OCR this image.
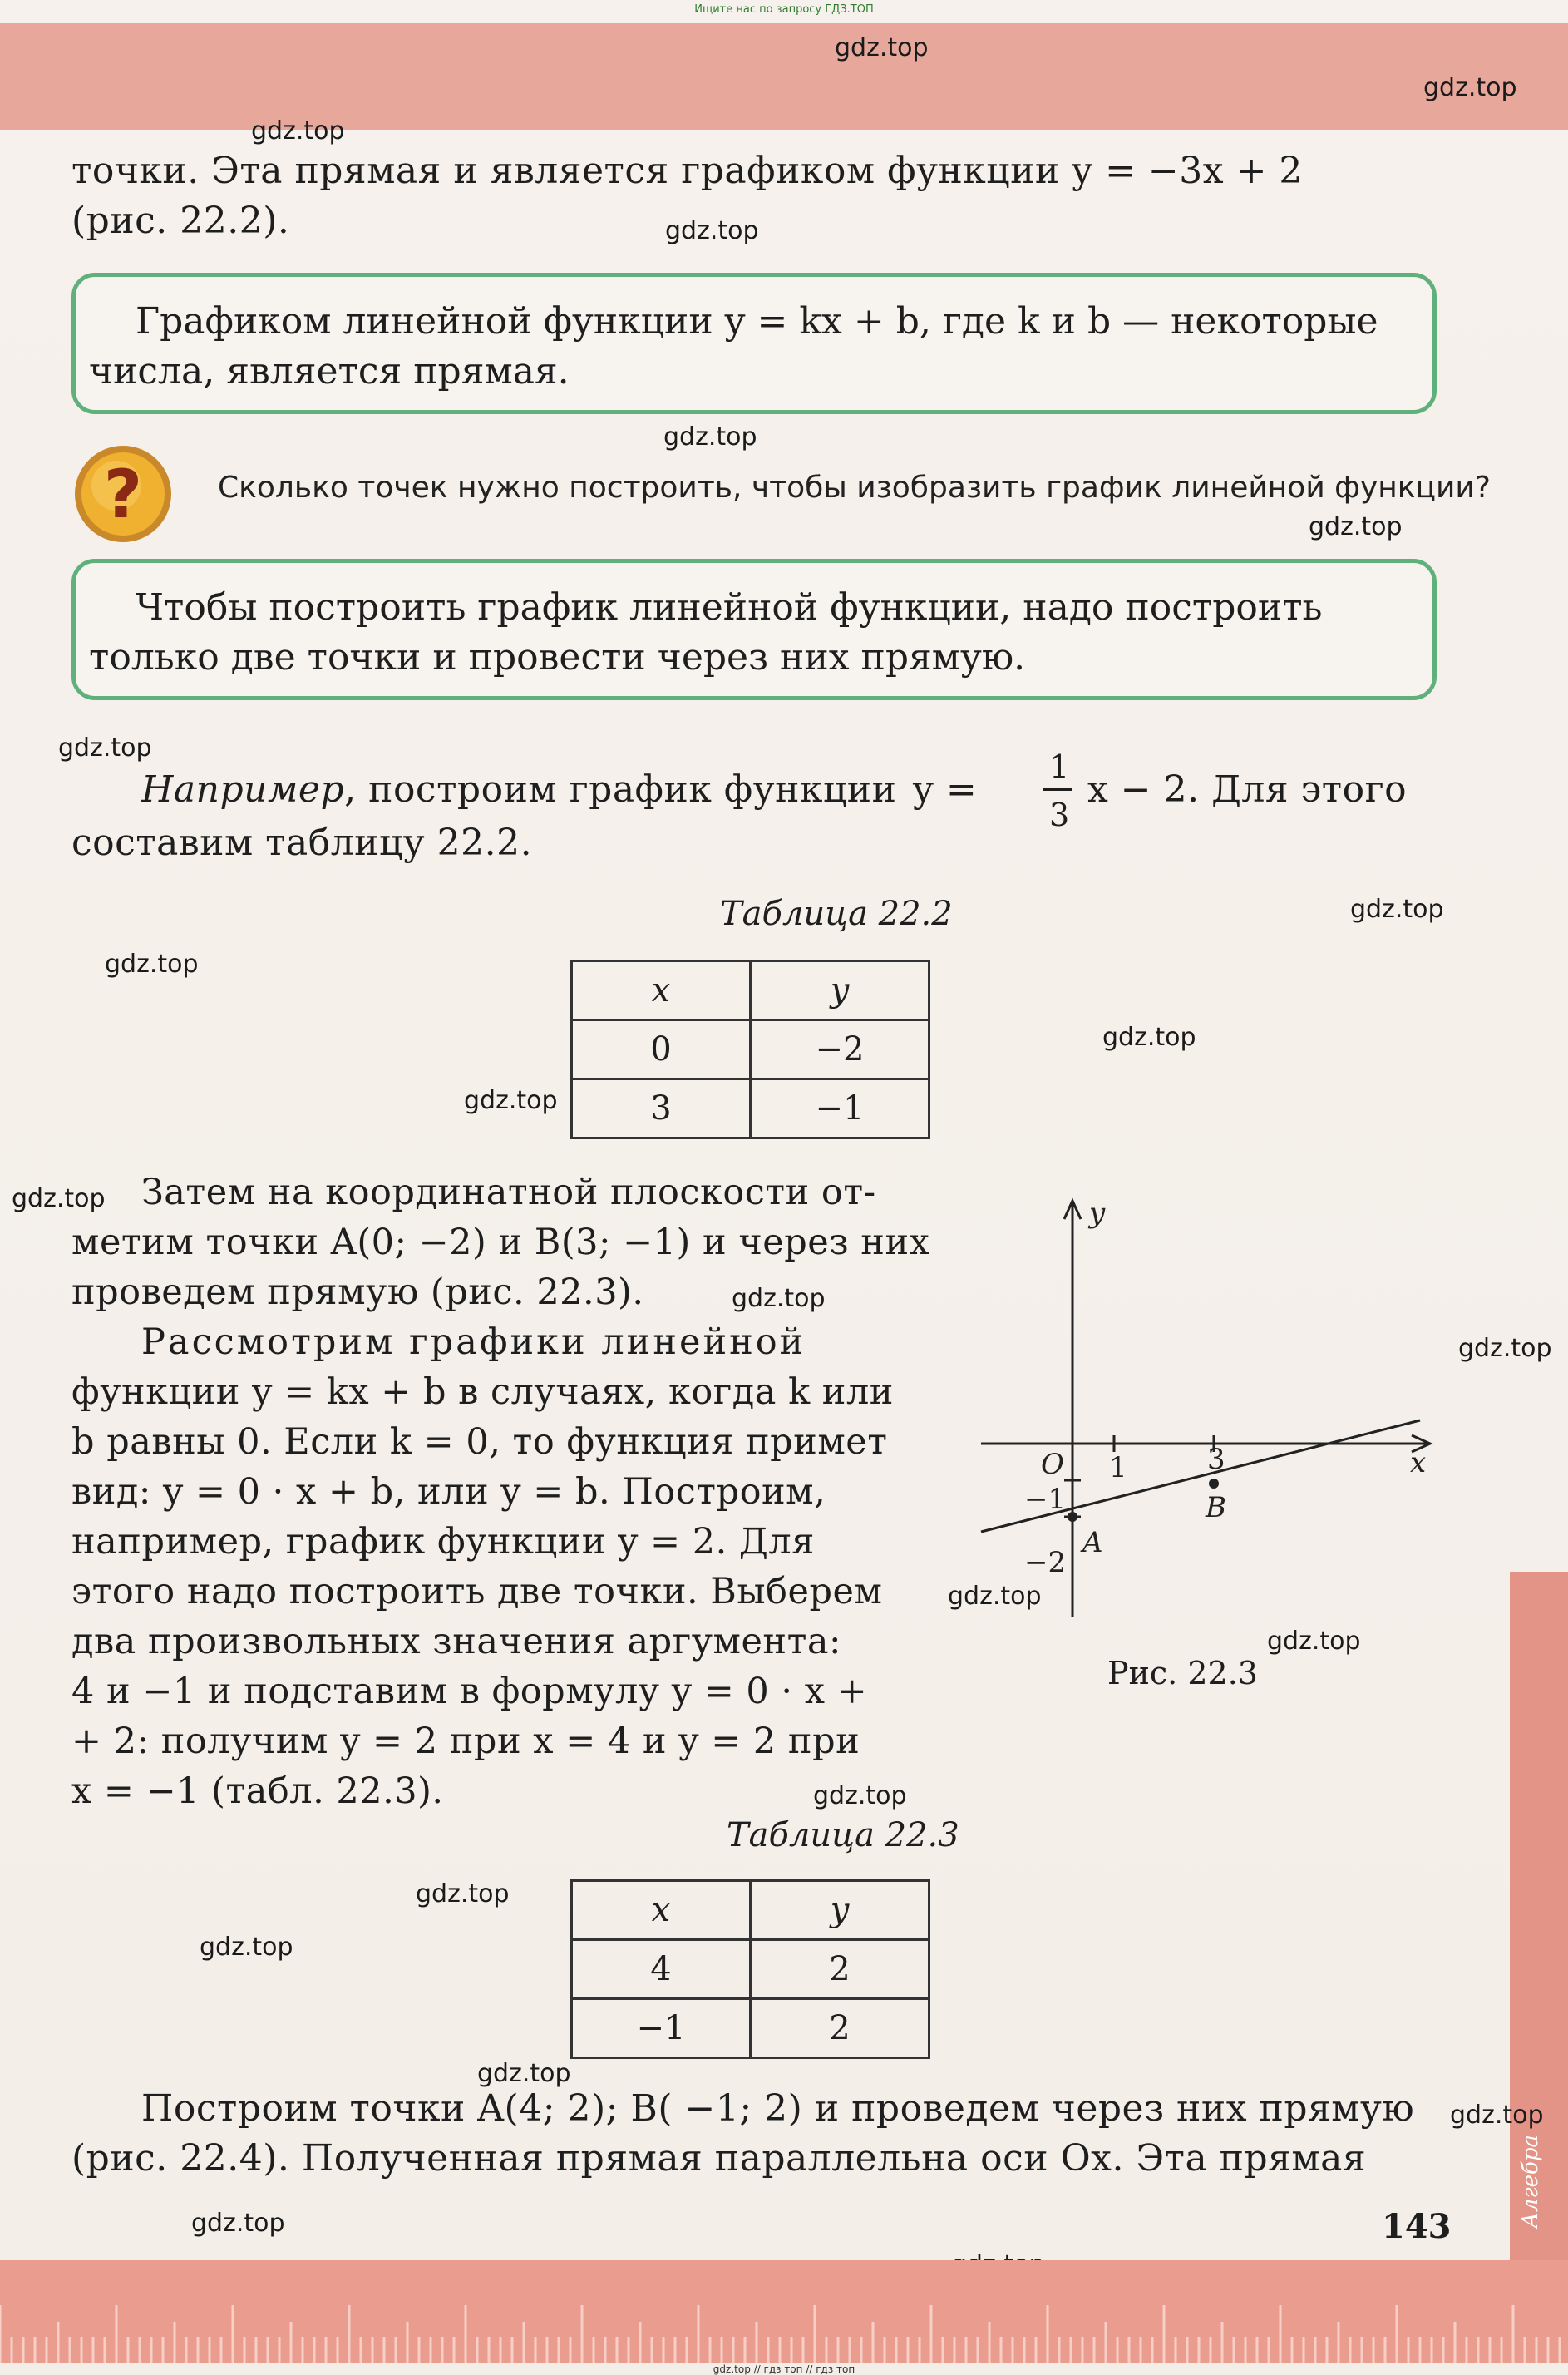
Алгебра
Ищите нас по запросу ГДЗ.ТОП
gdz.top
gdz.top
gdz.top
gdz.top
gdz.top
gdz.top
gdz.top
gdz.top
gdz.top
gdz.top
gdz.top
gdz.top
gdz.top
gdz.top
gdz.top
gdz.top
gdz.top
gdz.top
gdz.top
gdz.top
gdz.top
gdz.top
точки. Эта прямая и является графиком функции y = −3x + 2
(рис. 22.2).
Графиком линейной функции y = kx + b, где k и b — некоторые
числа, является прямая.
?	Сколько точек нужно построить, чтобы изобразить график линейной функции?
Чтобы построить график линейной функции, надо построить
только две точки и провести через них прямую.
Например, построим график функции y =
1
3
x − 2. Для этого
составим таблицу 22.2.
Таблица 22.2
x	y
0	−2
3	−1
Затем на координатной плоскости от-
метим точки A(0; −2) и B(3; −1) и через них
проведем прямую (рис. 22.3).
Рассмотрим графики линейной
функции y = kx + b в случаях, когда k или
b равны 0. Если k = 0, то функция примет
вид: y = 0 · x + b, или y = b. Построим,
например, график функции y = 2. Для
этого надо построить две точки. Выберем
два произвольных значения аргумента:
4 и −1 и подставим в формулу y = 0 · x +
+ 2: получим y = 2 при x = 4 и y = 2 при
x = −1 (табл. 22.3).
y
x
O 1	3
−1
−2
A
B
Рис. 22.3
Таблица 22.3
x	y
4	2
−1	2
Построим точки A(4; 2); B( −1; 2) и проведем через них прямую
(рис. 22.4). Полученная прямая параллельна оси Ox. Эта прямая
143
gdz.top // гдз топ // гдз топ
